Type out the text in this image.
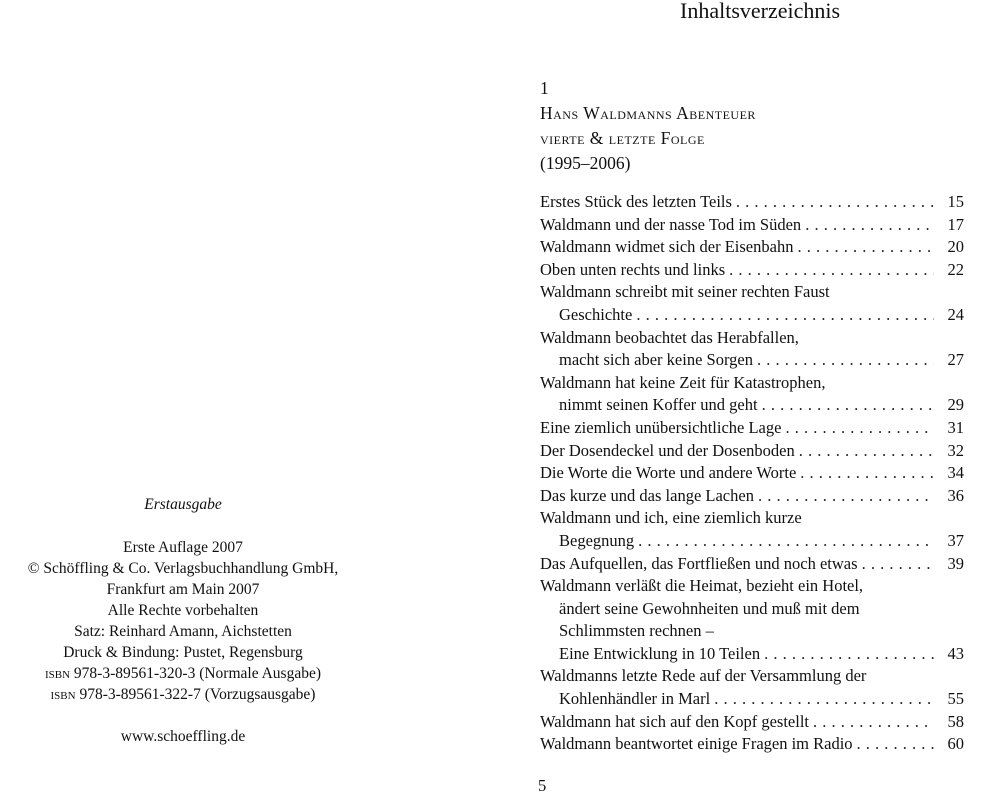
Inhaltsverzeichnis
Erstausgabe
Erste Auflage 2007
© Schöffling & Co. Verlagsbuchhandlung GmbH,
Frankfurt am Main 2007
Alle Rechte vorbehalten
Satz: Reinhard Amann, Aichstetten
Druck & Bindung: Pustet, Regensburg
isbn 978-3-89561-320-3 (Normale Ausgabe)
isbn 978-3-89561-322-7 (Vorzugsausgabe)
www.schoeffling.de
1
Hans Waldmanns Abenteuer
vierte & letzte Folge
(1995–2006)
Erstes Stück des letzten Teils . . .	15
Waldmann und der nasse Tod im Süden . . .	17
Waldmann widmet sich der Eisenbahn . . .	20
Oben unten rechts und links . . .	22
Waldmann schreibt mit seiner rechten Faust
Geschichte . . .	24
Waldmann beobachtet das Herabfallen,
macht sich aber keine Sorgen . . .	27
Waldmann hat keine Zeit für Katastrophen,
nimmt seinen Koffer und geht . . .	29
Eine ziemlich unübersichtliche Lage . . .	31
Der Dosendeckel und der Dosenboden . . .	32
Die Worte die Worte und andere Worte . . .	34
Das kurze und das lange Lachen . . .	36
Waldmann und ich, eine ziemlich kurze
Begegnung . . .	37
Das Aufquellen, das Fortfließen und noch etwas . . .	39
Waldmann verläßt die Heimat, bezieht ein Hotel,
ändert seine Gewohnheiten und muß mit dem
Schlimmsten rechnen –
Eine Entwicklung in 10 Teilen . . .	43
Waldmanns letzte Rede auf der Versammlung der
Kohlenhändler in Marl . . .	55
Waldmann hat sich auf den Kopf gestellt . . .	58
Waldmann beantwortet einige Fragen im Radio . . .	60
5
